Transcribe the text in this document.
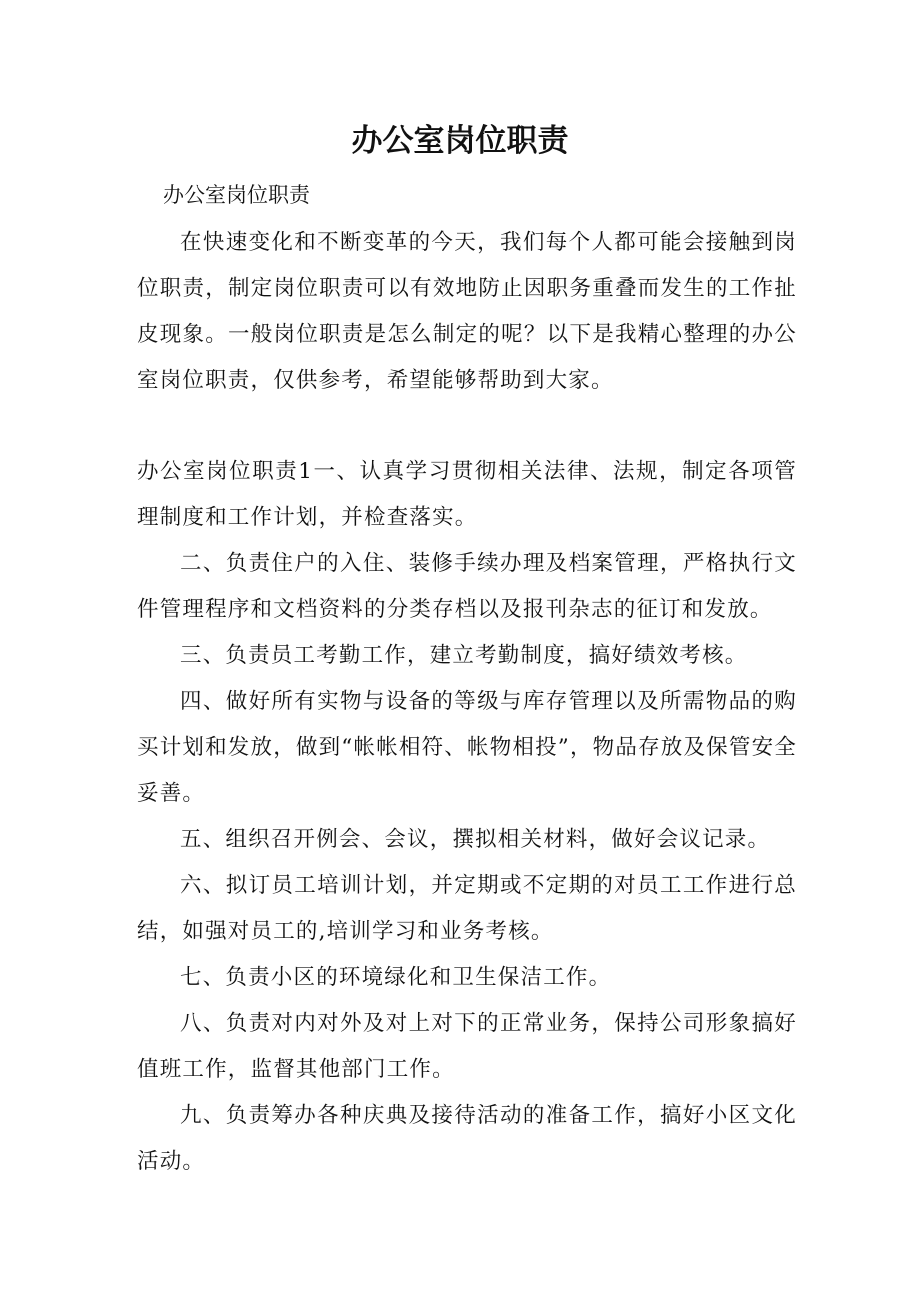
办公室岗位职责
办公室岗位职责

在快速变化和不断变革的今天，我们每个人都可能会接触到岗位职责，制定岗位职责可以有效地防止因职务重叠而发生的工作扯皮现象。一般岗位职责是怎么制定的呢？以下是我精心整理的办公室岗位职责，仅供参考，希望能够帮助到大家。

办公室岗位职责1一、认真学习贯彻相关法律、法规，制定各项管理制度和工作计划，并检查落实。

二、负责住户的入住、装修手续办理及档案管理，严格执行文件管理程序和文档资料的分类存档以及报刊杂志的征订和发放。

三、负责员工考勤工作，建立考勤制度，搞好绩效考核。

四、做好所有实物与设备的等级与库存管理以及所需物品的购买计划和发放，做到“帐帐相符、帐物相投”，物品存放及保管安全妥善。

五、组织召开例会、会议，撰拟相关材料，做好会议记录。

六、拟订员工培训计划，并定期或不定期的对员工工作进行总结，如强对员工的,培训学习和业务考核。

七、负责小区的环境绿化和卫生保洁工作。

八、负责对内对外及对上对下的正常业务，保持公司形象搞好值班工作，监督其他部门工作。

九、负责筹办各种庆典及接待活动的准备工作，搞好小区文化活动。
